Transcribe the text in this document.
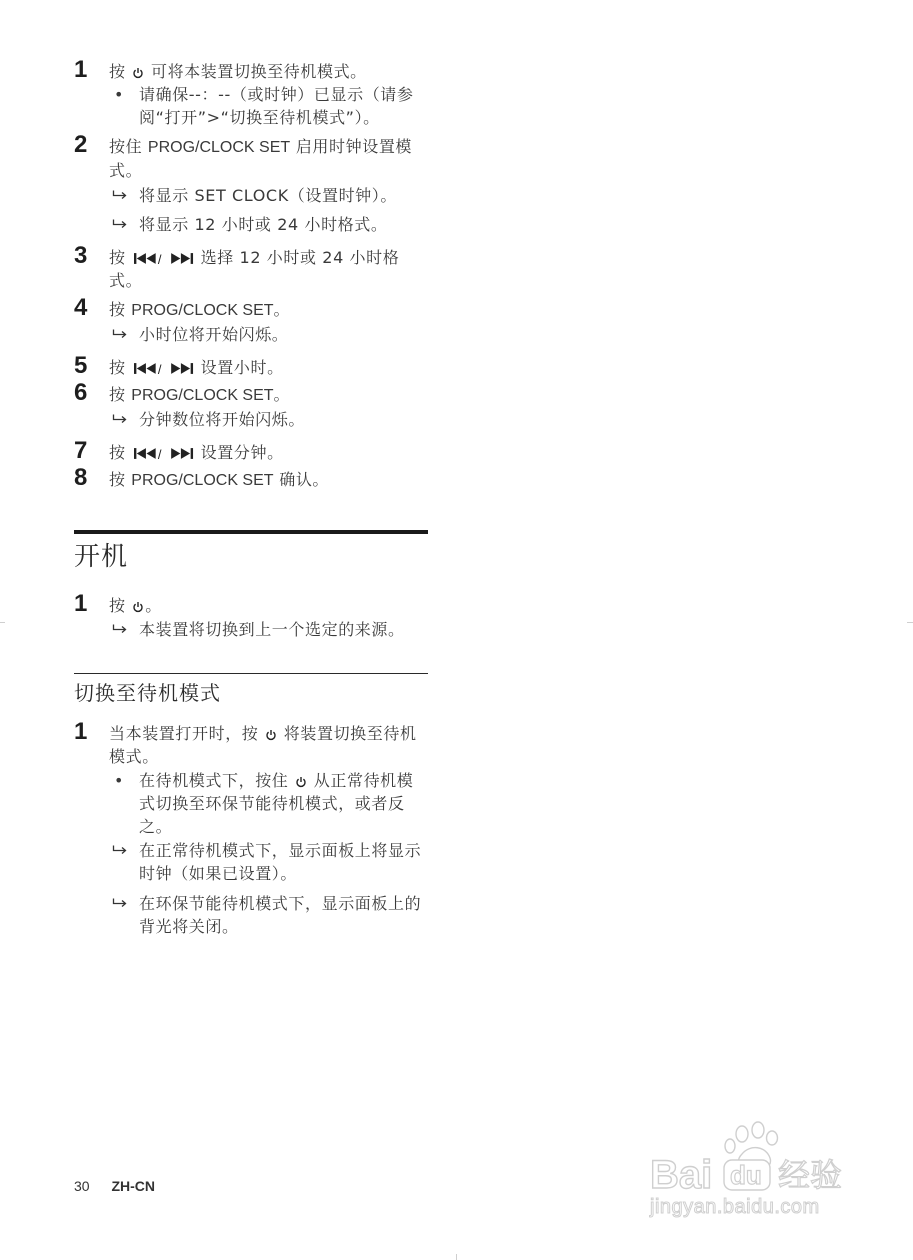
1	按 可将本装置切换至待机模式。
• 请确保--：--（或时钟）已显示（请参阅“打开”>“切换至待机模式”）。
2	按住 PROG/CLOCK SET 启用时钟设置模式。
将显示 SET CLOCK（设置时钟）。
将显示 12 小时或 24 小时格式。
3	按	选择 12 小时或 24 小时格式。
4	按 PROG/CLOCK SET。
小时位将开始闪烁。
5	按	设置小时。
6	按 PROG/CLOCK SET。
分钟数位将开始闪烁。
7	按	设置分钟。
8	按 PROG/CLOCK SET 确认。
开机
1	按 。
本装置将切换到上一个选定的来源。
切换至待机模式
1	当本装置打开时，按 将装置切换至待机模式。
• 在待机模式下，按住 从正常待机模式切换至环保节能待机模式，或者反之。
在正常待机模式下，显示面板上将显示时钟（如果已设置）。
在环保节能待机模式下，显示面板上的背光将关闭。
30 ZH-CN	Bai du 经验
jingyan.baidu.com
